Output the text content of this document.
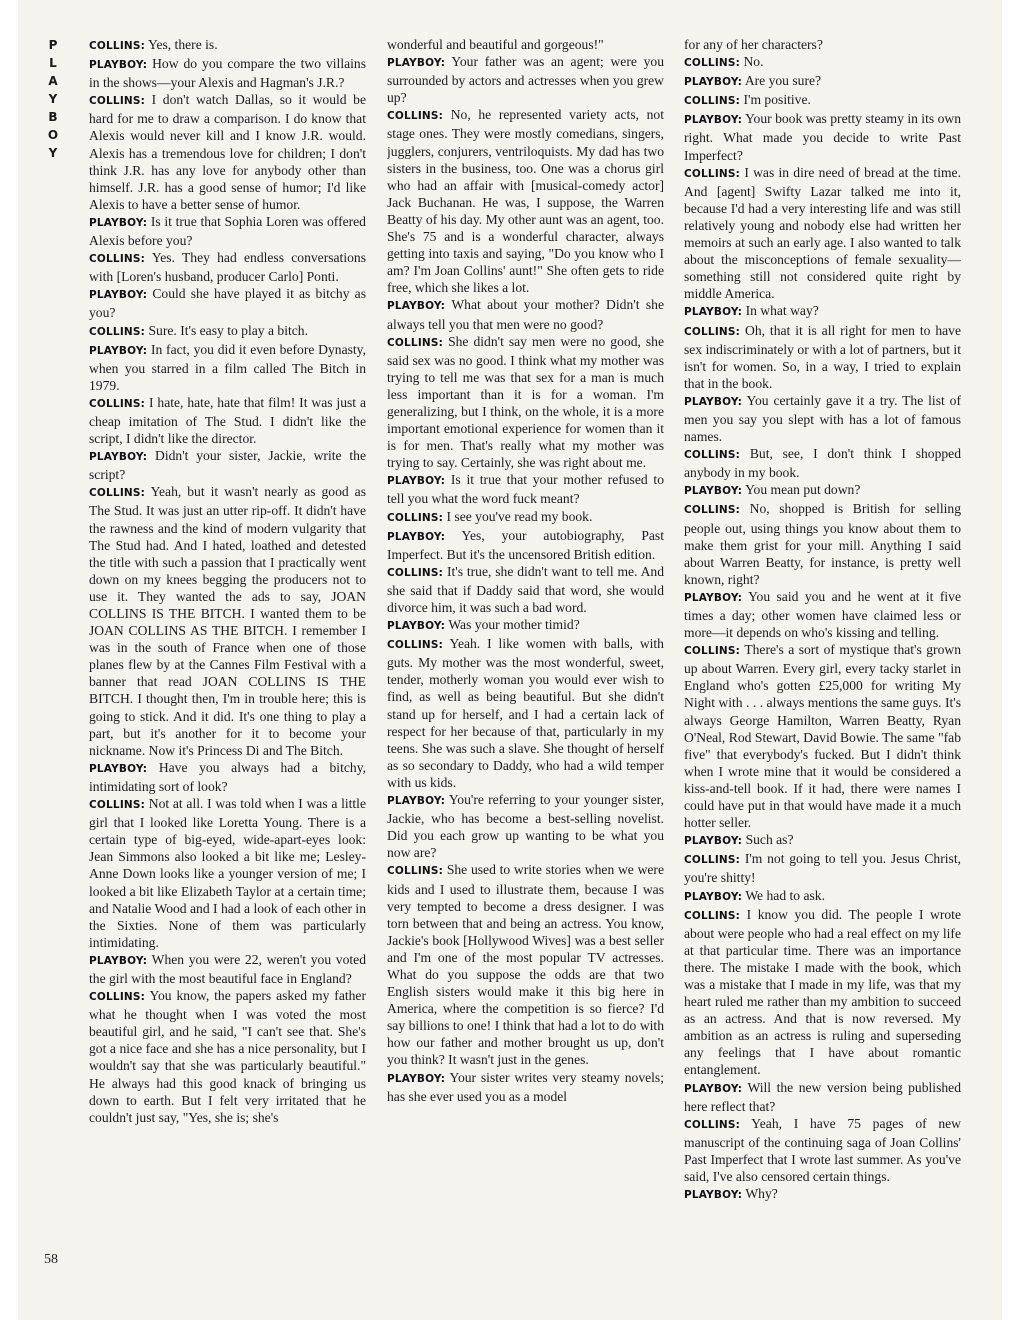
P
L
A
Y
B
O
Y
58

COLLINS: Yes, there is.

PLAYBOY: How do you compare the two villains in the shows—your Alexis and Hagman's J.R.?

COLLINS: I don't watch Dallas, so it would be hard for me to draw a comparison. I do know that Alexis would never kill and I know J.R. would. Alexis has a tremendous love for children; I don't think J.R. has any love for anybody other than himself. J.R. has a good sense of humor; I'd like Alexis to have a better sense of humor.

PLAYBOY: Is it true that Sophia Loren was offered Alexis before you?

COLLINS: Yes. They had endless conversations with [Loren's husband, producer Carlo] Ponti.

PLAYBOY: Could she have played it as bitchy as you?

COLLINS: Sure. It's easy to play a bitch.

PLAYBOY: In fact, you did it even before Dynasty, when you starred in a film called The Bitch in 1979.

COLLINS: I hate, hate, hate that film! It was just a cheap imitation of The Stud. I didn't like the script, I didn't like the director.

PLAYBOY: Didn't your sister, Jackie, write the script?

COLLINS: Yeah, but it wasn't nearly as good as The Stud. It was just an utter rip-off. It didn't have the rawness and the kind of modern vulgarity that The Stud had. And I hated, loathed and detested the title with such a passion that I practically went down on my knees begging the producers not to use it. They wanted the ads to say, JOAN COLLINS IS THE BITCH. I wanted them to be JOAN COLLINS AS THE BITCH. I remember I was in the south of France when one of those planes flew by at the Cannes Film Festival with a banner that read JOAN COLLINS IS THE BITCH. I thought then, I'm in trouble here; this is going to stick. And it did. It's one thing to play a part, but it's another for it to become your nickname. Now it's Princess Di and The Bitch.

PLAYBOY: Have you always had a bitchy, intimidating sort of look?

COLLINS: Not at all. I was told when I was a little girl that I looked like Loretta Young. There is a certain type of big-eyed, wide-apart-eyes look: Jean Simmons also looked a bit like me; Lesley-Anne Down looks like a younger version of me; I looked a bit like Elizabeth Taylor at a certain time; and Natalie Wood and I had a look of each other in the Sixties. None of them was particularly intimidating.

PLAYBOY: When you were 22, weren't you voted the girl with the most beautiful face in England?

COLLINS: You know, the papers asked my father what he thought when I was voted the most beautiful girl, and he said, "I can't see that. She's got a nice face and she has a nice personality, but I wouldn't say that she was particularly beautiful." He always had this good knack of bringing us down to earth. But I felt very irritated that he couldn't just say, "Yes, she is; she's

wonderful and beautiful and gorgeous!"

PLAYBOY: Your father was an agent; were you surrounded by actors and actresses when you grew up?

COLLINS: No, he represented variety acts, not stage ones. They were mostly comedians, singers, jugglers, conjurers, ventriloquists. My dad has two sisters in the business, too. One was a chorus girl who had an affair with [musical-comedy actor] Jack Buchanan. He was, I suppose, the Warren Beatty of his day. My other aunt was an agent, too. She's 75 and is a wonderful character, always getting into taxis and saying, "Do you know who I am? I'm Joan Collins' aunt!" She often gets to ride free, which she likes a lot.

PLAYBOY: What about your mother? Didn't she always tell you that men were no good?

COLLINS: She didn't say men were no good, she said sex was no good. I think what my mother was trying to tell me was that sex for a man is much less important than it is for a woman. I'm generalizing, but I think, on the whole, it is a more important emotional experience for women than it is for men. That's really what my mother was trying to say. Certainly, she was right about me.

PLAYBOY: Is it true that your mother refused to tell you what the word fuck meant?

COLLINS: I see you've read my book.

PLAYBOY: Yes, your autobiography, Past Imperfect. But it's the uncensored British edition.

COLLINS: It's true, she didn't want to tell me. And she said that if Daddy said that word, she would divorce him, it was such a bad word.

PLAYBOY: Was your mother timid?

COLLINS: Yeah. I like women with balls, with guts. My mother was the most wonderful, sweet, tender, motherly woman you would ever wish to find, as well as being beautiful. But she didn't stand up for herself, and I had a certain lack of respect for her because of that, particularly in my teens. She was such a slave. She thought of herself as so secondary to Daddy, who had a wild temper with us kids.

PLAYBOY: You're referring to your younger sister, Jackie, who has become a best-selling novelist. Did you each grow up wanting to be what you now are?

COLLINS: She used to write stories when we were kids and I used to illustrate them, because I was very tempted to become a dress designer. I was torn between that and being an actress. You know, Jackie's book [Hollywood Wives] was a best seller and I'm one of the most popular TV actresses. What do you suppose the odds are that two English sisters would make it this big here in America, where the competition is so fierce? I'd say billions to one! I think that had a lot to do with how our father and mother brought us up, don't you think? It wasn't just in the genes.

PLAYBOY: Your sister writes very steamy novels; has she ever used you as a model

for any of her characters?

COLLINS: No.

PLAYBOY: Are you sure?

COLLINS: I'm positive.

PLAYBOY: Your book was pretty steamy in its own right. What made you decide to write Past Imperfect?

COLLINS: I was in dire need of bread at the time. And [agent] Swifty Lazar talked me into it, because I'd had a very interesting life and was still relatively young and nobody else had written her memoirs at such an early age. I also wanted to talk about the misconceptions of female sexuality—something still not considered quite right by middle America.

PLAYBOY: In what way?

COLLINS: Oh, that it is all right for men to have sex indiscriminately or with a lot of partners, but it isn't for women. So, in a way, I tried to explain that in the book.

PLAYBOY: You certainly gave it a try. The list of men you say you slept with has a lot of famous names.

COLLINS: But, see, I don't think I shopped anybody in my book.

PLAYBOY: You mean put down?

COLLINS: No, shopped is British for selling people out, using things you know about them to make them grist for your mill. Anything I said about Warren Beatty, for instance, is pretty well known, right?

PLAYBOY: You said you and he went at it five times a day; other women have claimed less or more—it depends on who's kissing and telling.

COLLINS: There's a sort of mystique that's grown up about Warren. Every girl, every tacky starlet in England who's gotten £25,000 for writing My Night with . . . always mentions the same guys. It's always George Hamilton, Warren Beatty, Ryan O'Neal, Rod Stewart, David Bowie. The same "fab five" that everybody's fucked. But I didn't think when I wrote mine that it would be considered a kiss-and-tell book. If it had, there were names I could have put in that would have made it a much hotter seller.

PLAYBOY: Such as?

COLLINS: I'm not going to tell you. Jesus Christ, you're shitty!

PLAYBOY: We had to ask.

COLLINS: I know you did. The people I wrote about were people who had a real effect on my life at that particular time. There was an importance there. The mistake I made with the book, which was a mistake that I made in my life, was that my heart ruled me rather than my ambition to succeed as an actress. And that is now reversed. My ambition as an actress is ruling and superseding any feelings that I have about romantic entanglement.

PLAYBOY: Will the new version being published here reflect that?

COLLINS: Yeah, I have 75 pages of new manuscript of the continuing saga of Joan Collins' Past Imperfect that I wrote last summer. As you've said, I've also censored certain things.

PLAYBOY: Why?
